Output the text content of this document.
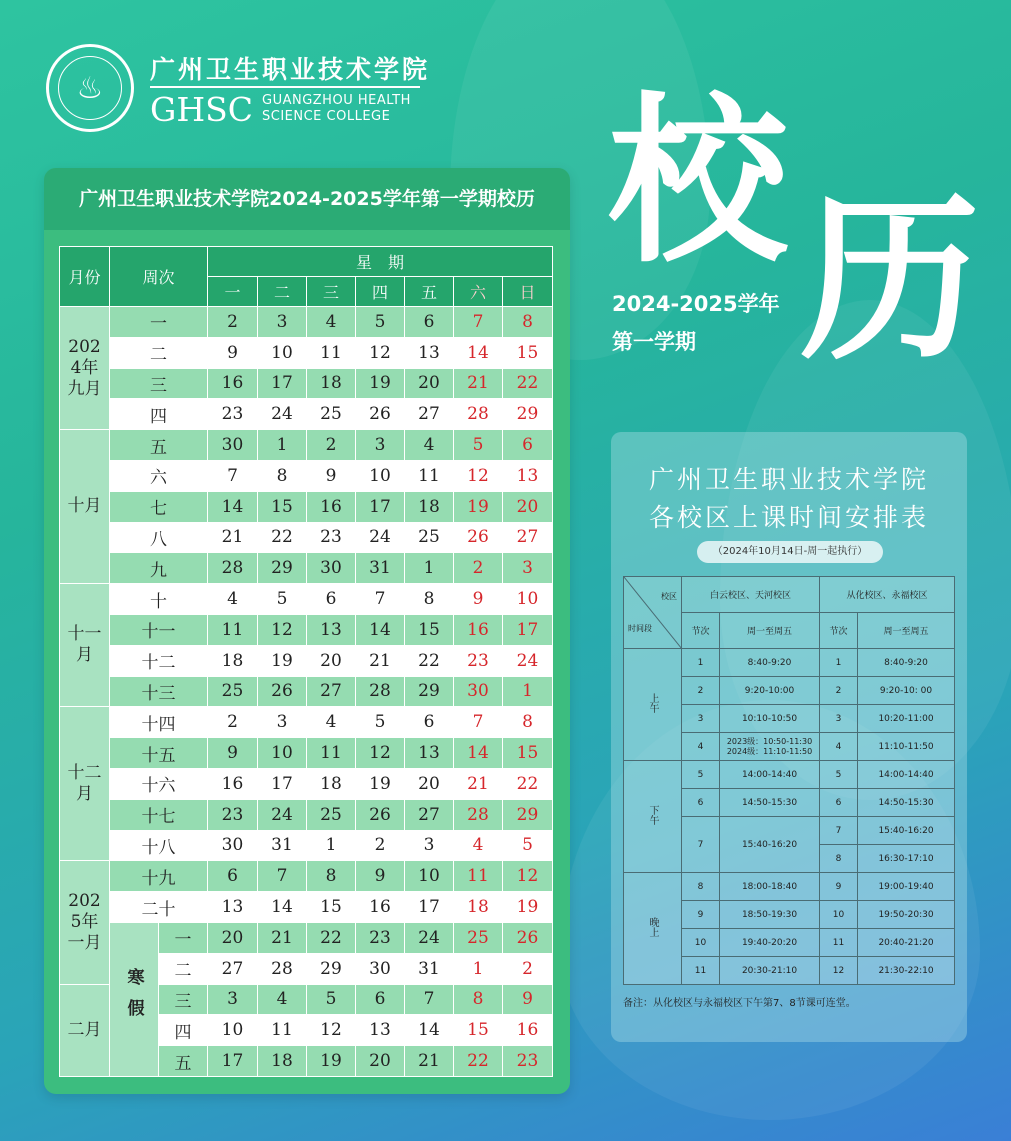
♨
广州卫生职业技术学院
GHSC GUANGZHOU HEALTH
SCIENCE COLLEGE 校 历
2024-2025学年
第一学期
广州卫生职业技术学院2024-2025学年第一学期校历
月份	周次		星　期						
			一	二	三	四	五	六	日
2024年九月	一		2	3	4	5	6	7	8
	二		9	10	11	12	13	14	15
	三		16	17	18	19	20	21	22
	四		23	24	25	26	27	28	29
十月	五		30	1	2	3	4	5	6
	六		7	8	9	10	11	12	13
	七		14	15	16	17	18	19	20
	八		21	22	23	24	25	26	27
	九		28	29	30	31	1	2	3
十一月	十		4	5	6	7	8	9	10
	十一		11	12	13	14	15	16	17
	十二		18	19	20	21	22	23	24
	十三		25	26	27	28	29	30	1
十二月	十四		2	3	4	5	6	7	8
	十五		9	10	11	12	13	14	15
	十六		16	17	18	19	20	21	22
	十七		23	24	25	26	27	28	29
	十八		30	31	1	2	3	4	5
2025年一月	十九		6	7	8	9	10	11	12
	二十		13	14	15	16	17	18	19
	寒假	一	20	21	22	23	24	25	26
		二	27	28	29	30	31	1	2
二月		三	3	4	5	6	7	8	9
		四	10	11	12	13	14	15	16
		五	17	18	19	20	21	22	23
广州卫生职业技术学院
各校区上课时间安排表
（2024年10月14日-周一起执行）
校区
时间段	白云校区、天河校区		从化校区、永福校区	
	节次	周一至周五	节次	周一至周五
上午	1	8:40-9:20	1	8:40-9:20
	2	9:20-10:00	2	9:20-10: 00
	3	10:10-10:50	3	10:20-11:00
	4	2023级：10:50-11:30
2024级：11:10-11:50	4	11:10-11:50
下午	5	14:00-14:40	5	14:00-14:40
	6	14:50-15:30	6	14:50-15:30
	7	15:40-16:20	7	15:40-16:20
			8	16:30-17:10
晚上	8	18:00-18:40	9	19:00-19:40
	9	18:50-19:30	10	19:50-20:30
	10	19:40-20:20	11	20:40-21:20
	11	20:30-21:10	12	21:30-22:10
备注：从化校区与永福校区下午第7、8节课可连堂。
